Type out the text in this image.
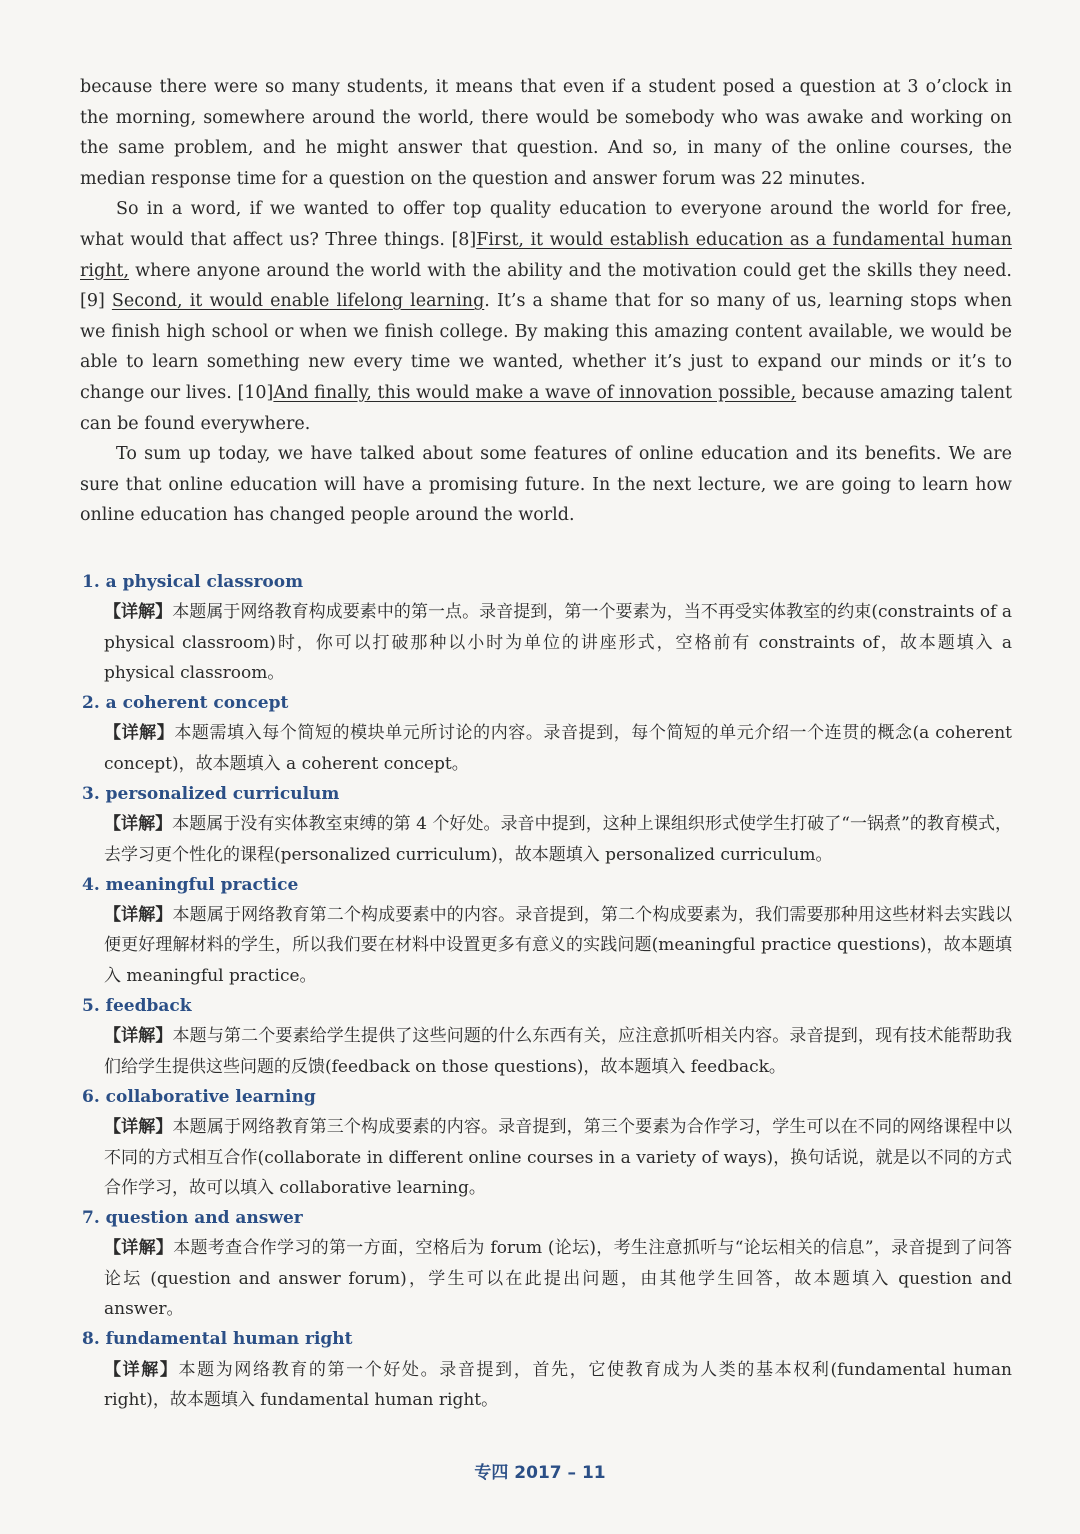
because there were so many students, it means that even if a student posed a question at 3 o’clock in the morning, somewhere around the world, there would be somebody who was awake and working on the same problem, and he might answer that question. And so, in many of the online courses, the median response time for a question on the question and answer forum was 22 minutes.

So in a word, if we wanted to offer top quality education to everyone around the world for free, what would that affect us? Three things. [8]First, it would establish education as a fundamental human right, where anyone around the world with the ability and the motivation could get the skills they need. [9] Second, it would enable lifelong learning. It’s a shame that for so many of us, learning stops when we finish high school or when we finish college. By making this amazing content available, we would be able to learn something new every time we wanted, whether it’s just to expand our minds or it’s to change our lives. [10]And finally, this would make a wave of innovation possible, because amazing talent can be found everywhere.

To sum up today, we have talked about some features of online education and its benefits. We are sure that online education will have a promising future. In the next lecture, we are going to learn how online education has changed people around the world.

1. a physical classroom

【详解】本题属于网络教育构成要素中的第一点。录音提到，第一个要素为，当不再受实体教室的约束(constraints of a physical classroom)时，你可以打破那种以小时为单位的讲座形式，空格前有 constraints of，故本题填入 a physical classroom。

2. a coherent concept

【详解】本题需填入每个简短的模块单元所讨论的内容。录音提到，每个简短的单元介绍一个连贯的概念(a coherent concept)，故本题填入 a coherent concept。

3. personalized curriculum

【详解】本题属于没有实体教室束缚的第 4 个好处。录音中提到，这种上课组织形式使学生打破了“一锅煮”的教育模式，去学习更个性化的课程(personalized curriculum)，故本题填入 personalized curriculum。

4. meaningful practice

【详解】本题属于网络教育第二个构成要素中的内容。录音提到，第二个构成要素为，我们需要那种用这些材料去实践以便更好理解材料的学生，所以我们要在材料中设置更多有意义的实践问题(meaningful practice questions)，故本题填入 meaningful practice。

5. feedback

【详解】本题与第二个要素给学生提供了这些问题的什么东西有关，应注意抓听相关内容。录音提到，现有技术能帮助我们给学生提供这些问题的反馈(feedback on those questions)，故本题填入 feedback。

6. collaborative learning

【详解】本题属于网络教育第三个构成要素的内容。录音提到，第三个要素为合作学习，学生可以在不同的网络课程中以不同的方式相互合作(collaborate in different online courses in a variety of ways)，换句话说，就是以不同的方式合作学习，故可以填入 collaborative learning。

7. question and answer

【详解】本题考查合作学习的第一方面，空格后为 forum (论坛)，考生注意抓听与“论坛相关的信息”，录音提到了问答论坛 (question and answer forum)，学生可以在此提出问题，由其他学生回答，故本题填入 question and answer。

8. fundamental human right

【详解】本题为网络教育的第一个好处。录音提到，首先，它使教育成为人类的基本权利(fundamental human right)，故本题填入 fundamental human right。

专四 2017 – 11
